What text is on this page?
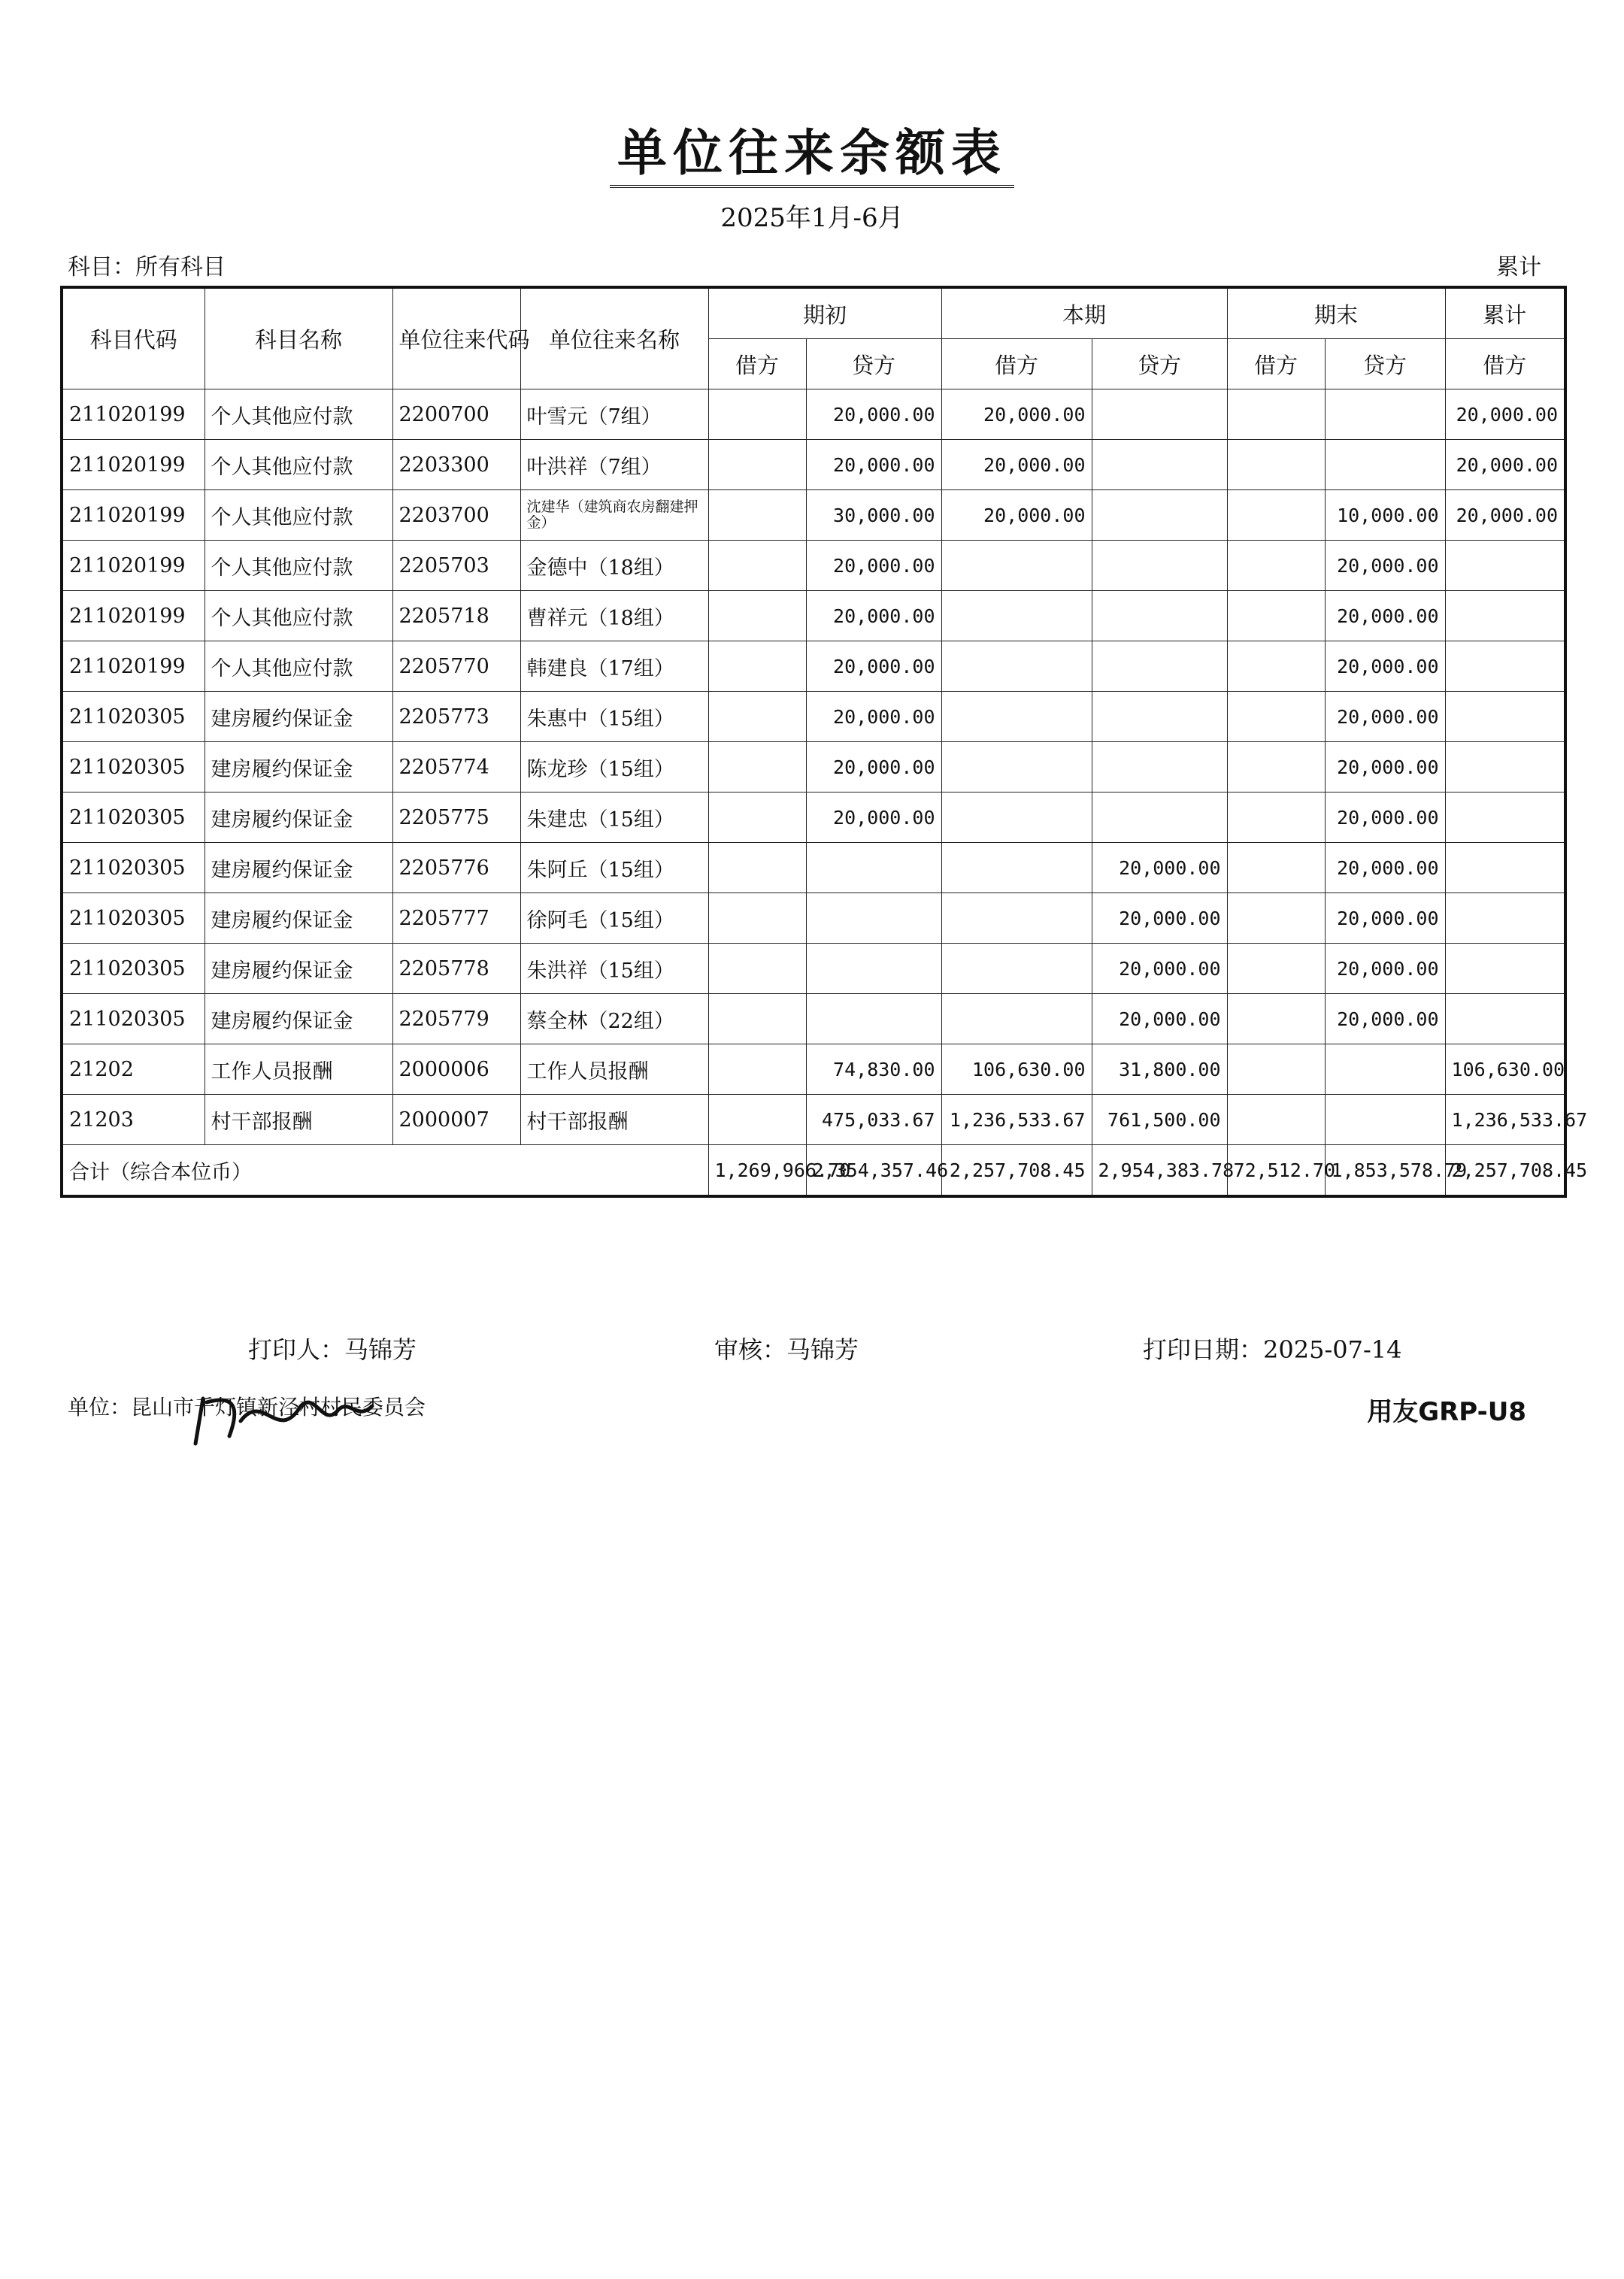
单位往来余额表
2025年1月-6月
科目：所有科目	累计
科目代码	科目名称	单位往来代码	单位往来名称	期初		本期		期末		累计
				借方	贷方	借方	贷方	借方	贷方	借方
211020199	个人其他应付款	2200700	叶雪元（7组）		20,000.00	20,000.00				20,000.00
211020199	个人其他应付款	2203300	叶洪祥（7组）		20,000.00	20,000.00				20,000.00
211020199	个人其他应付款	2203700	沈建华（建筑商农房翻建押金）		30,000.00	20,000.00			10,000.00	20,000.00
211020199	个人其他应付款	2205703	金德中（18组）		20,000.00				20,000.00	
211020199	个人其他应付款	2205718	曹祥元（18组）		20,000.00				20,000.00	
211020199	个人其他应付款	2205770	韩建良（17组）		20,000.00				20,000.00	
211020305	建房履约保证金	2205773	朱惠中（15组）		20,000.00				20,000.00	
211020305	建房履约保证金	2205774	陈龙珍（15组）		20,000.00				20,000.00	
211020305	建房履约保证金	2205775	朱建忠（15组）		20,000.00				20,000.00	
211020305	建房履约保证金	2205776	朱阿丘（15组）				20,000.00		20,000.00	
211020305	建房履约保证金	2205777	徐阿毛（15组）				20,000.00		20,000.00	
211020305	建房履约保证金	2205778	朱洪祥（15组）				20,000.00		20,000.00	
211020305	建房履约保证金	2205779	蔡全林（22组）				20,000.00		20,000.00	
21202	工作人员报酬	2000006	工作人员报酬		74,830.00	106,630.00	31,800.00			106,630.00
21203	村干部报酬	2000007	村干部报酬		475,033.67	1,236,533.67	761,500.00			1,236,533.67
合计（综合本位币）				1,269,966.70	2,354,357.46	2,257,708.45	2,954,383.78	72,512.70	1,853,578.79	2,257,708.45
打印人：马锦芳	审核：马锦芳	打印日期：2025-07-14
单位：昆山市千灯镇新泾村村民委员会	用友GRP-U8
